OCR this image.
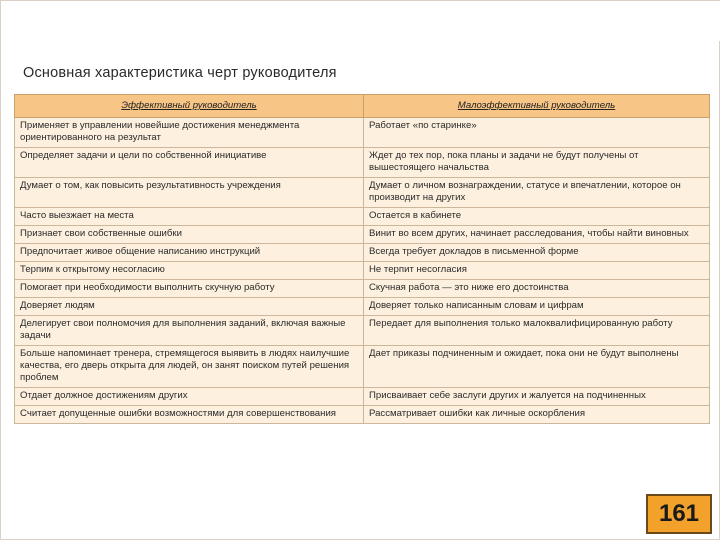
Основная характеристика черт руководителя
Эффективный руководитель	Малоэффективный руководитель
Применяет в управлении новейшие достижения менеджмента ориентированного на результат	Работает «по старинке»
Определяет задачи и цели по собственной инициативе	Ждет до тех пор, пока планы и задачи не будут получены от вышестоящего начальства
Думает о том, как повысить результативность учреждения	Думает о личном вознаграждении, статусе и впечатлении, которое он производит на других
Часто выезжает на места	Остается в кабинете
Признает свои собственные ошибки	Винит во всем других, начинает расследования, чтобы найти виновных
Предпочитает живое общение написанию инструкций	Всегда требует докладов в письменной форме
Терпим к открытому несогласию	Не терпит несогласия
Помогает при необходимости выполнить скучную работу	Скучная работа — это ниже его достоинства
Доверяет людям	Доверяет только написанным словам и цифрам
Делегирует свои полномочия для выполнения заданий, включая важные задачи	Передает для выполнения только малоквалифицированную работу
Больше напоминает тренера, стремящегося выявить в людях наилучшие качества, его дверь открыта для людей, он занят поиском путей решения проблем	Дает приказы подчиненным и ожидает, пока они не будут выполнены
Отдает должное достижениям других	Присваивает себе заслуги других и жалуется на подчиненных
Считает допущенные ошибки возможностями для совершенствования	Рассматривает ошибки как личные оскорбления
161
